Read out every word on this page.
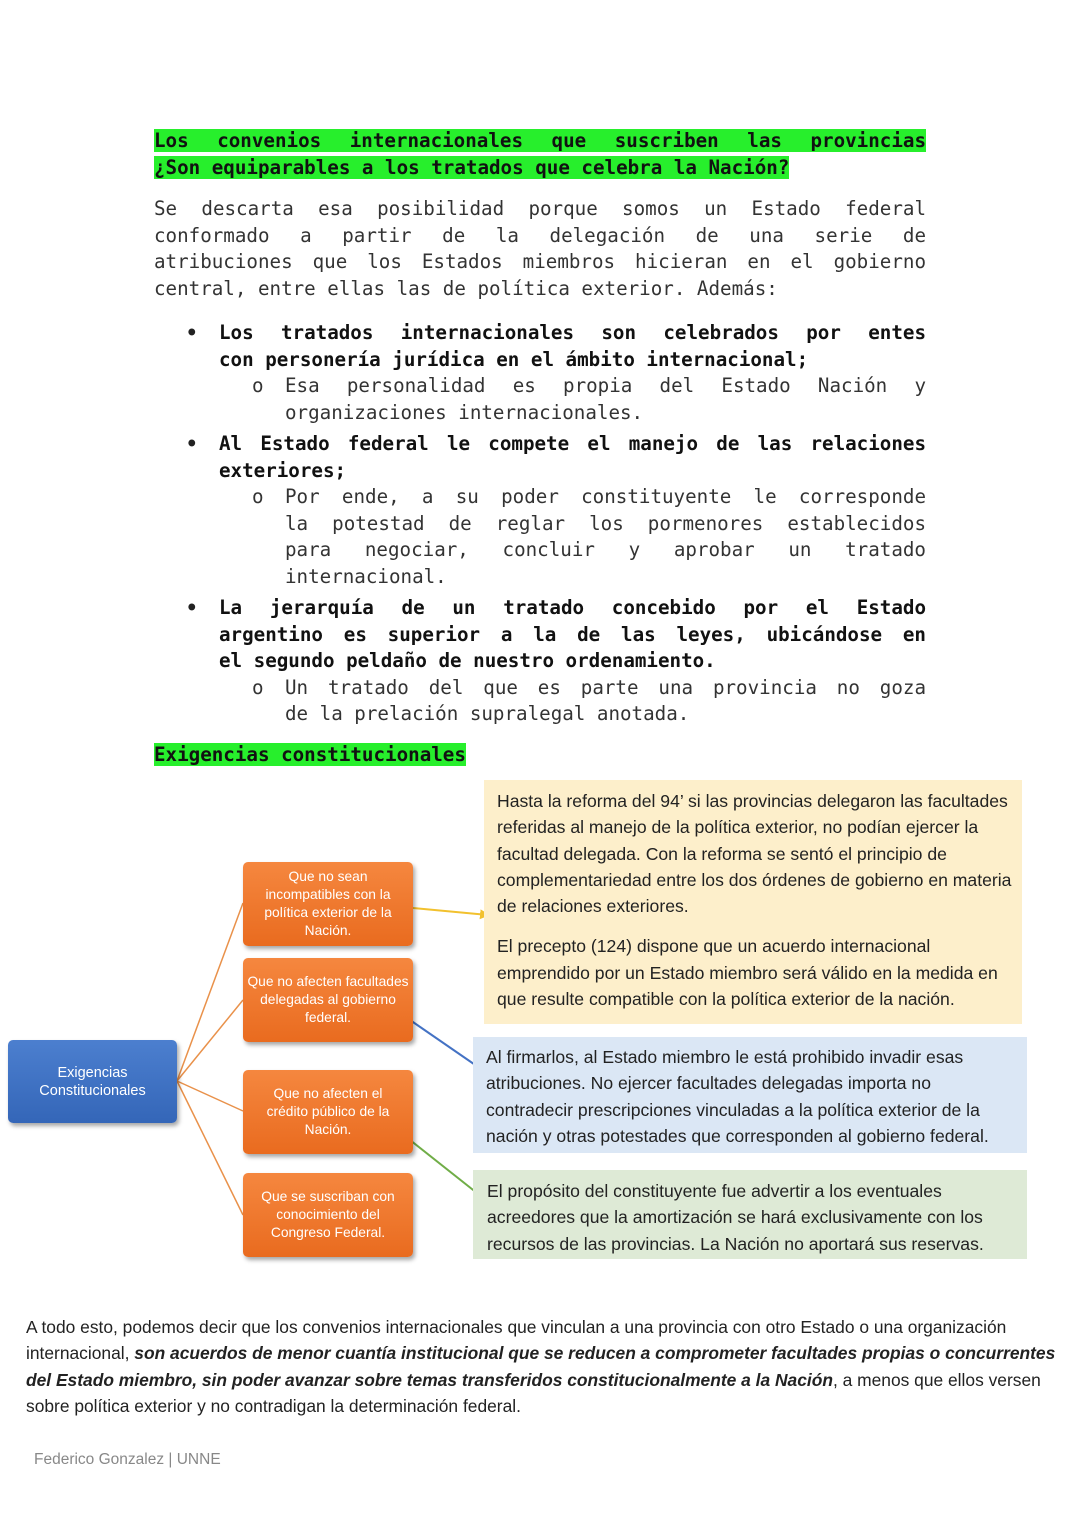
Los convenios internacionales que suscriben las provincias
¿Son equiparables a los tratados que celebra la Nación?
Se descarta esa posibilidad porque somos un Estado federal
conformado a partir de la delegación de una serie de
atribuciones que los Estados miembros hicieran en el gobierno
central, entre ellas las de política exterior. Además:
• Los tratados internacionales son celebrados por entes
con personería jurídica en el ámbito internacional;
o Esa personalidad es propia del Estado Nación y
organizaciones internacionales.
• Al Estado federal le compete el manejo de las relaciones
exteriores;
o Por ende, a su poder constituyente le corresponde
la potestad de reglar los pormenores establecidos
para negociar, concluir y aprobar un tratado
internacional.
• La jerarquía de un tratado concebido por el Estado
argentino es superior a la de las leyes, ubicándose en
el segundo peldaño de nuestro ordenamiento.
o Un tratado del que es parte una provincia no goza
de la prelación supralegal anotada.
Exigencias constitucionales
Exigencias Constitucionales
Que no sean incompatibles con la política exterior de la Nación.
Que no afecten facultades delegadas al gobierno federal.
Que no afecten el crédito público de la Nación.
Que se suscriban con conocimiento del Congreso Federal.

Hasta la reforma del 94’ si las provincias delegaron las facultades referidas al manejo de la política exterior, no podían ejercer la facultad delegada. Con la reforma se sentó el principio de complementariedad entre los dos órdenes de gobierno en materia de relaciones exteriores.

El precepto (124) dispone que un acuerdo internacional emprendido por un Estado miembro será válido en la medida en que resulte compatible con la política exterior de la nación.

Al firmarlos, al Estado miembro le está prohibido invadir esas atribuciones. No ejercer facultades delegadas importa no contradecir prescripciones vinculadas a la política exterior de la nación y otras potestades que corresponden al gobierno federal.

El propósito del constituyente fue advertir a los eventuales acreedores que la amortización se hará exclusivamente con los recursos de las provincias. La Nación no aportará sus reservas.

A todo esto, podemos decir que los convenios internacionales que vinculan a una provincia con otro Estado o una organización internacional, son acuerdos de menor cuantía institucional que se reducen a comprometer facultades propias o concurrentes del Estado miembro, sin poder avanzar sobre temas transferidos constitucionalmente a la Nación, a menos que ellos versen sobre política exterior y no contradigan la determinación federal.
Federico Gonzalez | UNNE
